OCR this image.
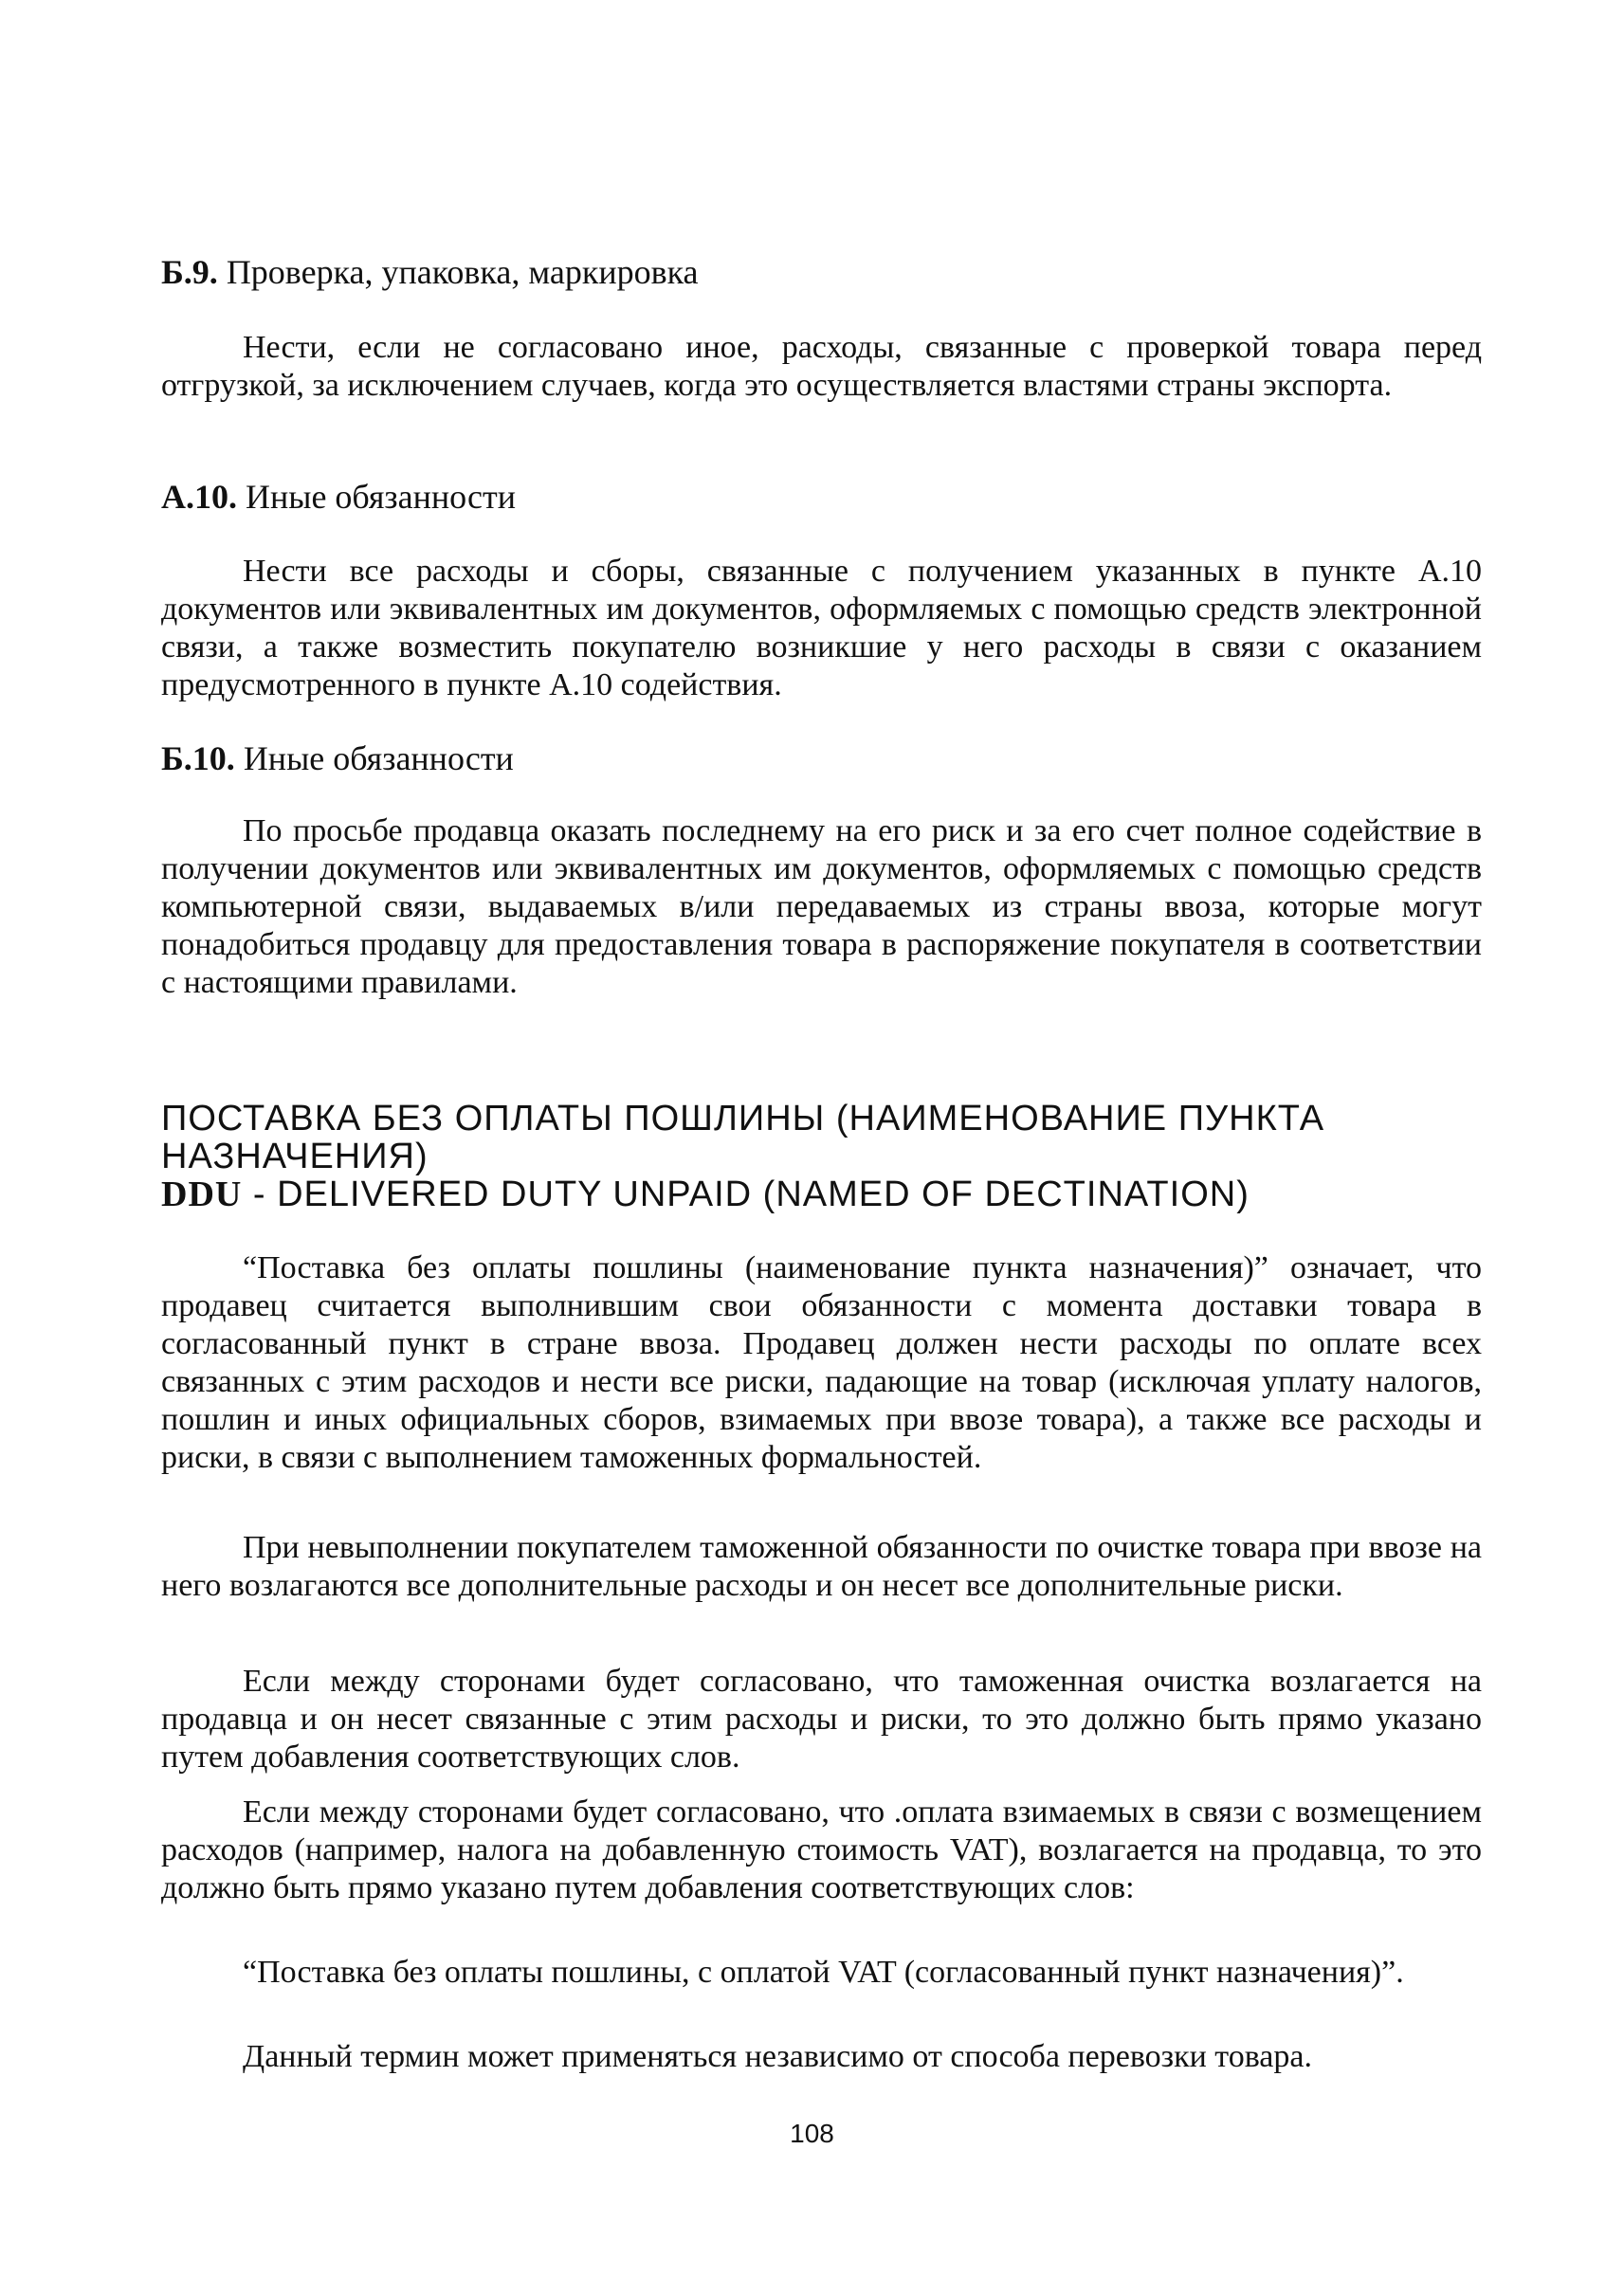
Б.9. Проверка, упаковка, маркировка

Нести, если не согласовано иное, расходы, связанные с проверкой товара перед отгрузкой, за исключением случаев, когда это осуществляется властями страны экспорта.

А.10. Иные обязанности

Нести все расходы и сборы, связанные с получением указанных в пункте А.10 документов или эквивалентных им документов, оформляемых с помощью средств электронной связи, а также возместить покупателю возникшие у него расходы в связи с оказанием предусмотренного в пункте А.10 содействия.

Б.10. Иные обязанности

По просьбе продавца оказать последнему на его риск и за его счет полное содействие в получении документов или эквивалентных им документов, оформляемых с помощью средств компьютерной связи, выдаваемых в/или передаваемых из страны ввоза, которые могут понадобиться продавцу для предоставления товара в распоряжение покупателя в соответствии с настоящими правилами.

ПОСТАВКА БЕЗ ОПЛАТЫ ПОШЛИНЫ (НАИМЕНОВАНИЕ ПУНКТА

НАЗНАЧЕНИЯ)

DDU - DELIVERED DUTY UNPAID (NAMED OF DECTINATION)

“Поставка без оплаты пошлины (наименование пункта назначения)” означает, что продавец считается выполнившим свои обязанности с момента доставки товара в согласованный пункт в стране ввоза. Продавец должен нести расходы по оплате всех связанных с этим расходов и нести все риски, падающие на товар (исключая уплату налогов, пошлин и иных официальных сборов, взимаемых при ввозе товара), а также все расходы и риски, в связи с выполнением таможенных формальностей.

При невыполнении покупателем таможенной обязанности по очистке товара при ввозе на него возлагаются все дополнительные расходы и он несет все дополнительные риски.

Если между сторонами будет согласовано, что таможенная очистка возлагается на продавца и он несет связанные с этим расходы и риски, то это должно быть прямо указано путем добавления соответствующих слов.

Если между сторонами будет согласовано, что .оплата взимаемых в связи с возмещением расходов (например, налога на добавленную стоимость VAT), возлагается на продавца, то это должно быть прямо указано путем добавления соответствующих слов:

“Поставка без оплаты пошлины, с оплатой VAT (согласованный пункт назначения)”.

Данный термин может применяться независимо от способа перевозки товара.

108
